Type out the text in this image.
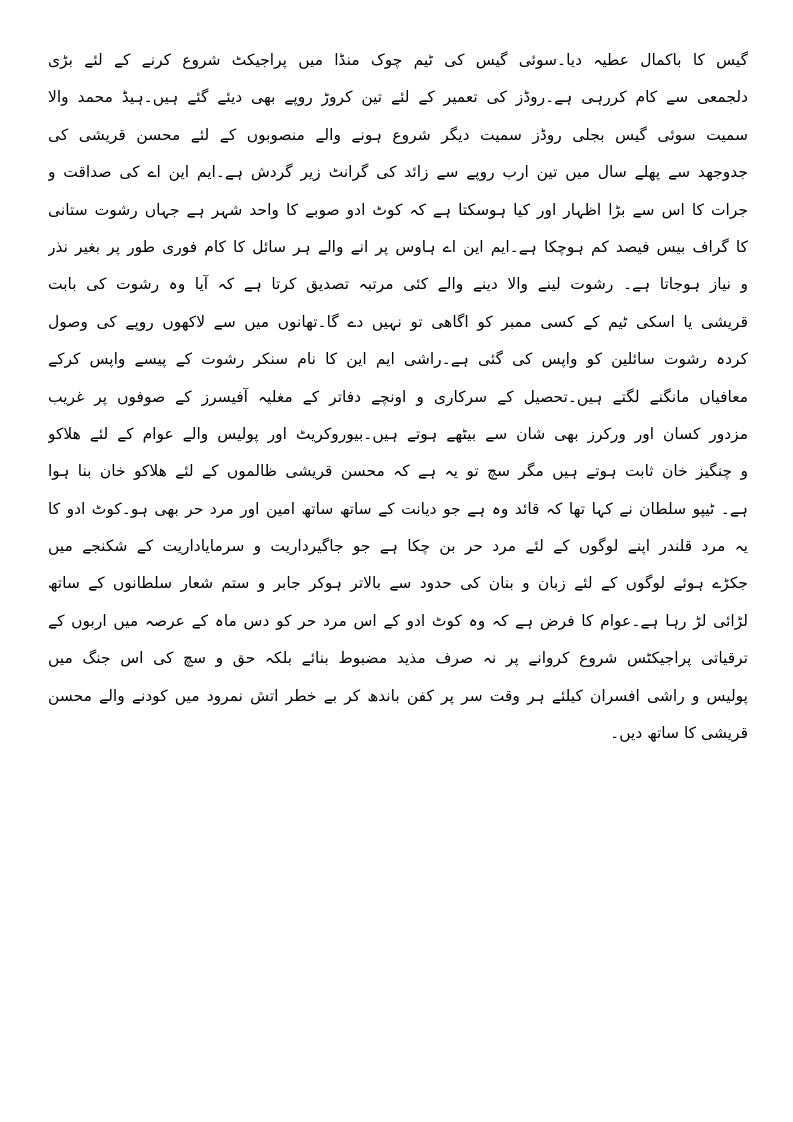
گیس کا باکمال عطیہ دیا۔سوئی گیس کی ٹیم چوک منڈا میں پراجیکٹ شروع کرنے کے لئے بڑی
دلجمعی سے کام کررہی ہے۔روڈز کی تعمیر کے لئے تین کروڑ روپے بھی دیئے گئے ہیں۔ہیڈ محمد والا
سمیت سوئی گیس بجلی روڈز سمیت دیگر شروع ہونے والے منصوبوں کے لئے محسن قریشی کی
جدوجھد سے پھلے سال میں تین ارب روپے سے زائد کی گرانٹ زیر گردش ہے۔ایم این اے کی صداقت و
جرات کا اس سے بڑا اظہار اور کیا ہوسکتا ہے کہ کوٹ ادو صوبے کا واحد شہر ہے جہاں رشوت ستانی
کا گراف بیس فیصد کم ہوچکا ہے۔ایم این اے ہاوس پر انے والے ہر سائل کا کام فوری طور پر بغیر نذر
و نیاز ہوجاتا ہے۔ رشوت لینے والا دینے والے کئی مرتبہ تصدیق کرتا ہے کہ آیا وہ رشوت کی بابت
قریشی یا اسکی ٹیم کے کسی ممبر کو اگاھی تو نہیں دے گا۔تھانوں میں سے لاکھوں روپے کی وصول
کردہ رشوت سائلین کو واپس کی گئی ہے۔راشی ایم این کا نام سنکر رشوت کے پیسے واپس کرکے
معافیاں مانگنے لگتے ہیں۔تحصیل کے سرکاری و اونچے دفاتر کے مغلیہ آفیسرز کے صوفوں پر غریب
مزدور کسان اور ورکرز بھی شان سے بیٹھے ہوتے ہیں۔بیوروکریٹ اور پولیس والے عوام کے لئے ھلاکو
و چنگیز خان ثابت ہوتے ہیں مگر سچ تو یہ ہے کہ محسن قریشی ظالموں کے لئے ھلاکو خان بنا ہوا
ہے۔ ٹیپو سلطان نے کہا تھا کہ قائد وہ ہے جو دیانت کے ساتھ ساتھ امین اور مرد حر بھی ہو۔کوٹ ادو کا
یہ مرد قلندر اپنے لوگوں کے لئے مرد حر بن چکا ہے جو جاگیرداریت و سرمایاداریت کے شکنجے میں
جکڑے ہوئے لوگوں کے لئے زبان و بنان کی حدود سے بالاتر ہوکر جابر و ستم شعار سلطانوں کے ساتھ
لڑائی لڑ رہا ہے۔عوام کا فرض ہے کہ وہ کوٹ ادو کے اس مرد حر کو دس ماہ کے عرصہ میں اربوں کے
ترقیاتی پراجیکٹس شروع کروانے پر نہ صرف مذید مضبوط بنائے بلکہ حق و سچ کی اس جنگ میں
پولیس و راشی افسران کیلئے ہر وقت سر پر کفن باندھ کر بے خطر اتش نمرود میں کودنے والے محسن
قریشی کا ساتھ دیں۔
